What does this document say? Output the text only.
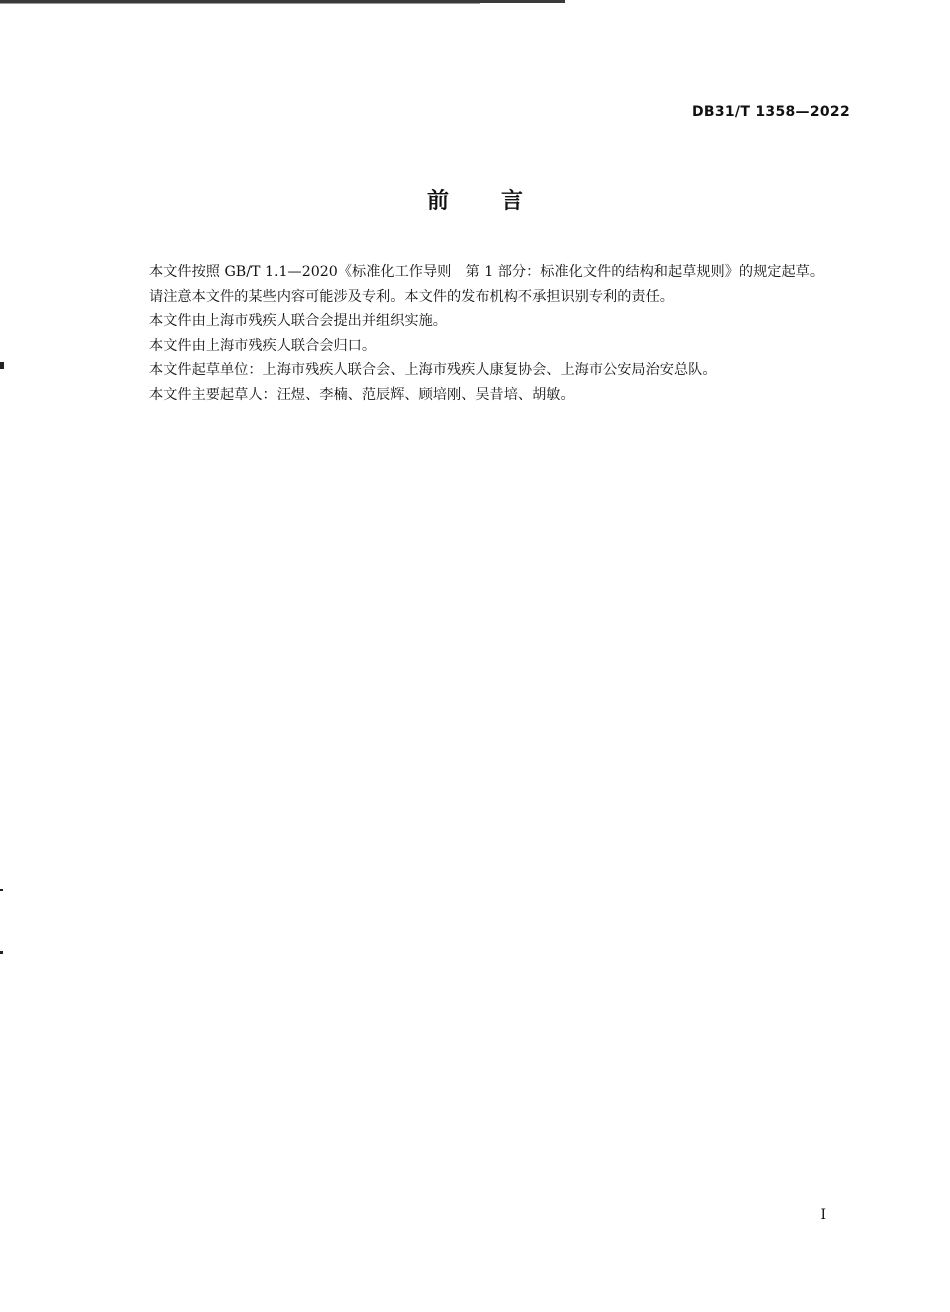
DB31/T 1358—2022
前言

本文件按照 GB/T 1.1—2020《标准化工作导则　第 1 部分：标准化文件的结构和起草规则》的规定起草。

请注意本文件的某些内容可能涉及专利。本文件的发布机构不承担识别专利的责任。

本文件由上海市残疾人联合会提出并组织实施。

本文件由上海市残疾人联合会归口。

本文件起草单位：上海市残疾人联合会、上海市残疾人康复协会、上海市公安局治安总队。

本文件主要起草人：汪煜、李楠、范辰辉、顾培刚、吴昔培、胡敏。

I
